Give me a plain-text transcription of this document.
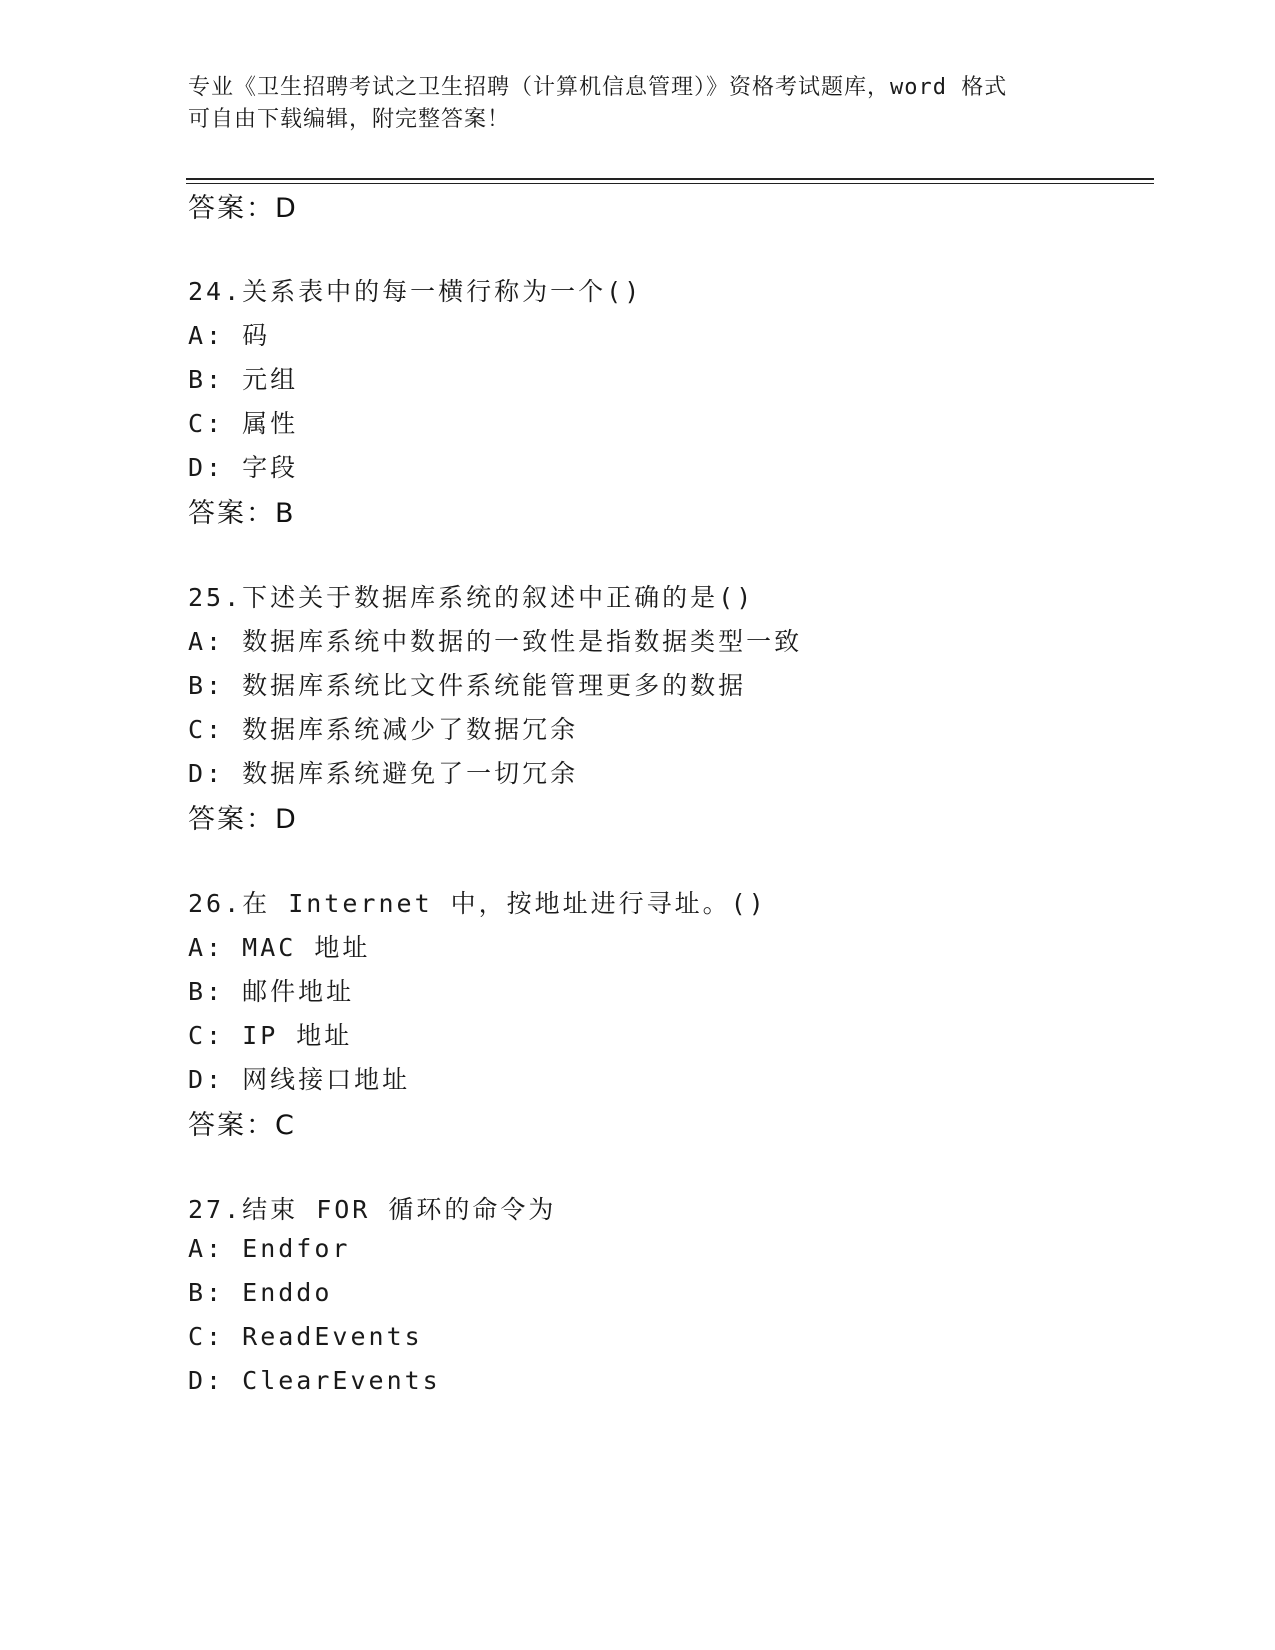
专业《卫生招聘考试之卫生招聘（计算机信息管理）》资格考试题库，word 格式
可自由下载编辑，附完整答案！
答案：D
24.关系表中的每一横行称为一个()
A: 码
B: 元组
C: 属性
D: 字段
答案：B
25.下述关于数据库系统的叙述中正确的是()
A: 数据库系统中数据的一致性是指数据类型一致
B: 数据库系统比文件系统能管理更多的数据
C: 数据库系统减少了数据冗余
D: 数据库系统避免了一切冗余
答案：D
26.在 Internet 中，按地址进行寻址。()
A: MAC 地址
B: 邮件地址
C: IP 地址
D: 网线接口地址
答案：C
27.结束 FOR 循环的命令为
A: Endfor
B: Enddo
C: ReadEvents
D: ClearEvents
